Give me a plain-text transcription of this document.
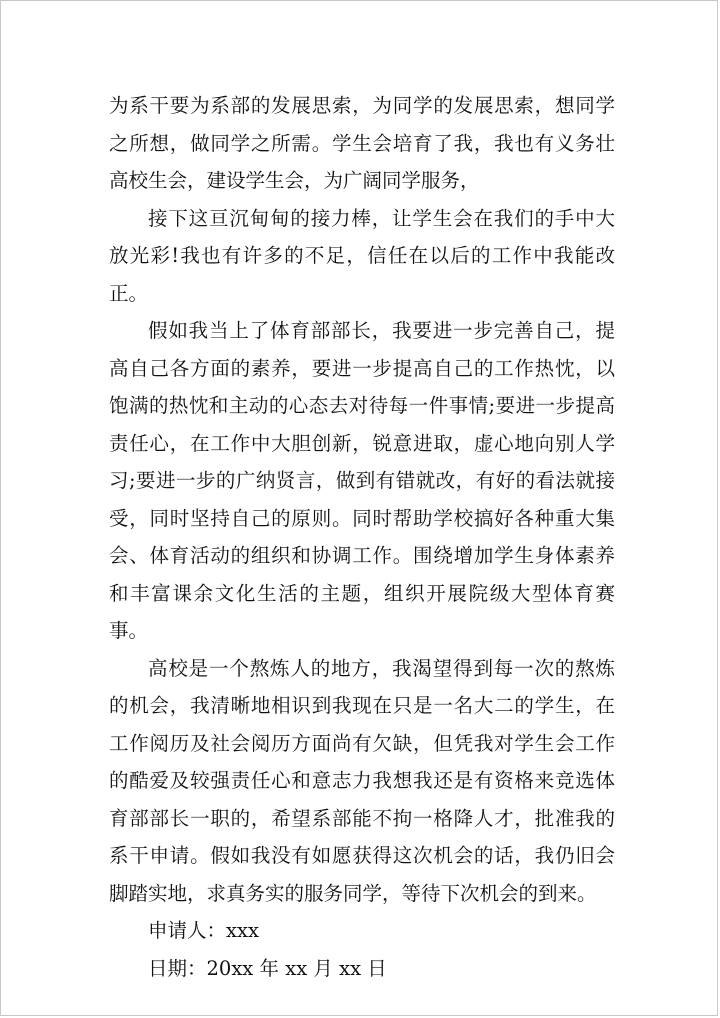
为系干要为系部的发展思索，为同学的发展思索，想同学之所想，做同学之所需。学生会培育了我，我也有义务壮高校生会，建设学生会，为广阔同学服务，

接下这亘沉甸甸的接力棒，让学生会在我们的手中大放光彩!我也有许多的不足，信任在以后的工作中我能改正。

假如我当上了体育部部长，我要进一步完善自己，提高自己各方面的素养，要进一步提高自己的工作热忱，以饱满的热忱和主动的心态去对待每一件事情;要进一步提高责任心，在工作中大胆创新，锐意进取，虚心地向别人学习;要进一步的广纳贤言，做到有错就改，有好的看法就接受，同时坚持自己的原则。同时帮助学校搞好各种重大集会、体育活动的组织和协调工作。围绕增加学生身体素养和丰富课余文化生活的主题，组织开展院级大型体育赛事。

高校是一个熬炼人的地方，我渴望得到每一次的熬炼的机会，我清晰地相识到我现在只是一名大二的学生，在工作阅历及社会阅历方面尚有欠缺，但凭我对学生会工作的酷爱及较强责任心和意志力我想我还是有资格来竞选体育部部长一职的，希望系部能不拘一格降人才，批准我的系干申请。假如我没有如愿获得这次机会的话，我仍旧会脚踏实地，求真务实的服务同学，等待下次机会的到来。

申请人：xxx

日期：20xx 年 xx 月 xx 日
